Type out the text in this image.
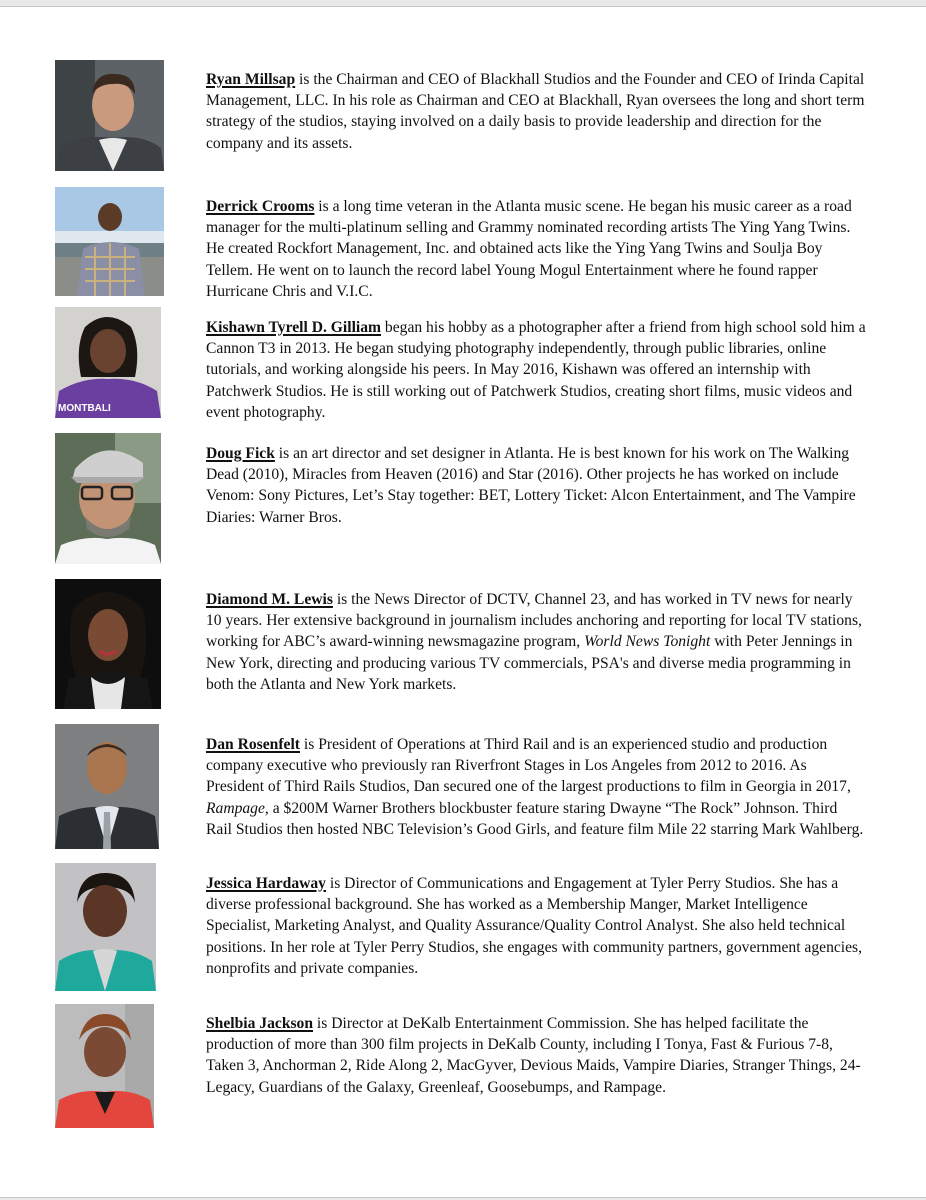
Ryan Millsap is the Chairman and CEO of Blackhall Studios and the Founder and CEO of Irinda Capital Management, LLC. In his role as Chairman and CEO at Blackhall, Ryan oversees the long and short term strategy of the studios, staying involved on a daily basis to provide leadership and direction for the company and its assets.
Derrick Crooms is a long time veteran in the Atlanta music scene. He began his music career as a road manager for the multi-platinum selling and Grammy nominated recording artists The Ying Yang Twins. He created Rockfort Management, Inc. and obtained acts like the Ying Yang Twins and Soulja Boy Tellem. He went on to launch the record label Young Mogul Entertainment where he found rapper Hurricane Chris and V.I.C.
MONTBALI
Kishawn Tyrell D. Gilliam began his hobby as a photographer after a friend from high school sold him a Cannon T3 in 2013. He began studying photography independently, through public libraries, online tutorials, and working alongside his peers. In May 2016, Kishawn was offered an internship with Patchwerk Studios. He is still working out of Patchwerk Studios, creating short films, music videos and event photography.
Doug Fick is an art director and set designer in Atlanta. He is best known for his work on The Walking Dead (2010), Miracles from Heaven (2016) and Star (2016). Other projects he has worked on include Venom: Sony Pictures, Let’s Stay together: BET, Lottery Ticket: Alcon Entertainment, and The Vampire Diaries: Warner Bros.
Diamond M. Lewis is the News Director of DCTV, Channel 23, and has worked in TV news for nearly 10 years. Her extensive background in journalism includes anchoring and reporting for local TV stations, working for ABC’s award-winning newsmagazine program, World News Tonight with Peter Jennings in New York, directing and producing various TV commercials, PSA's and diverse media programming in both the Atlanta and New York markets.
Dan Rosenfelt is President of Operations at Third Rail and is an experienced studio and production company executive who previously ran Riverfront Stages in Los Angeles from 2012 to 2016. As President of Third Rails Studios, Dan secured one of the largest productions to film in Georgia in 2017, Rampage, a $200M Warner Brothers blockbuster feature staring Dwayne “The Rock” Johnson. Third Rail Studios then hosted NBC Television’s Good Girls, and feature film Mile 22 starring Mark Wahlberg.
Jessica Hardaway is Director of Communications and Engagement at Tyler Perry Studios. She has a diverse professional background. She has worked as a Membership Manger, Market Intelligence Specialist, Marketing Analyst, and Quality Assurance/Quality Control Analyst. She also held technical positions. In her role at Tyler Perry Studios, she engages with community partners, government agencies, nonprofits and private companies.
Shelbia Jackson is Director at DeKalb Entertainment Commission. She has helped facilitate the production of more than 300 film projects in DeKalb County, including I Tonya, Fast & Furious 7-8, Taken 3, Anchorman 2, Ride Along 2, MacGyver, Devious Maids, Vampire Diaries, Stranger Things, 24-Legacy, Guardians of the Galaxy, Greenleaf, Goosebumps, and Rampage.
